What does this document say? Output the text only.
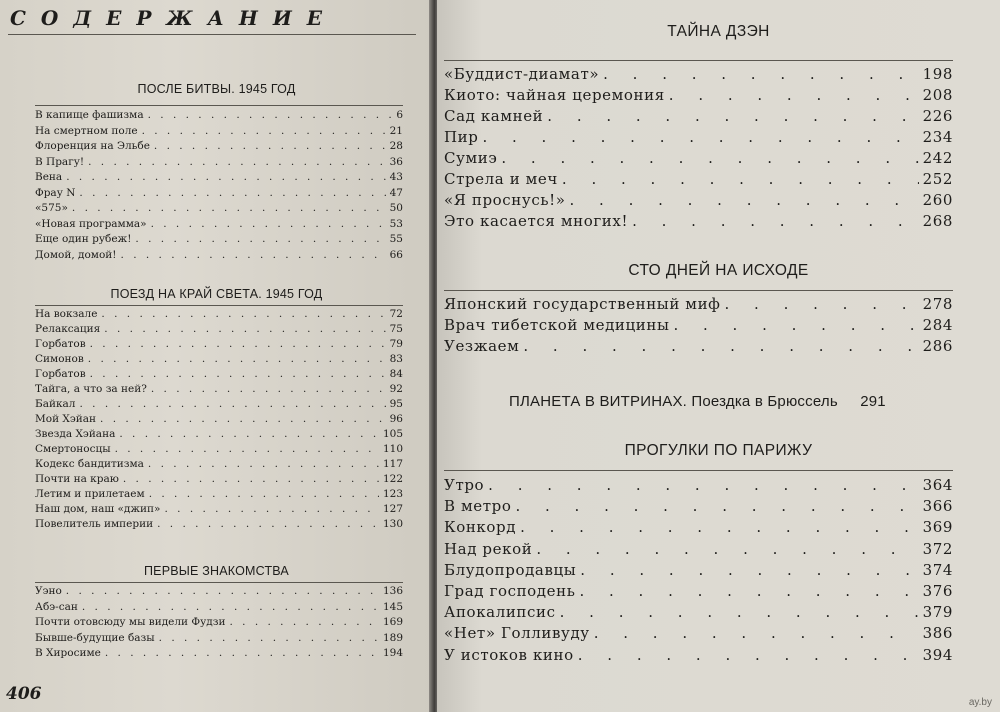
СОДЕРЖАНИЕ
ПОСЛЕ БИТВЫ. 1945 ГОД
В капище фашизма . . .	6
На смертном поле . . .	21
Флоренция на Эльбе . . .	28
В Прагу! . . .	36
Вена . . .	43
Фрау N . . .	47
«575» . . .	50
«Новая программа» . . .	53
Еще один рубеж! . . .	55
Домой, домой! . . .	66
ПОЕЗД НА КРАЙ СВЕТА. 1945 ГОД
На вокзале . . .	72
Релаксация . . .	75
Горбатов . . .	79
Симонов . . .	83
Горбатов . . .	84
Тайга, а что за ней? . . .	92
Байкал . . .	95
Мой Хэйан . . .	96
Звезда Хэйана . . .	105
Смертоносцы . . .	110
Кодекс бандитизма . . .	117
Почти на краю . . .	122
Летим и прилетаем . . .	123
Наш дом, наш «джип» . . .	127
Повелитель империи . . .	130
ПЕРВЫЕ ЗНАКОМСТВА
Уэно . . .	136
Абэ-сан . . .	145
Почти отовсюду мы видели Фудзи . . .	169
Бывше-будущие базы . . .	189
В Хиросиме . . .	194
406
ТАЙНА ДЗЭН
«Буддист-диамат» . . .	198
Киото: чайная церемония . . .	208
Сад камней . . .	226
Пир . . .	234
Сумиэ . . .	242
Стрела и меч . . .	252
«Я проснусь!» . . .	260
Это касается многих! . . .	268
СТО ДНЕЙ НА ИСХОДЕ
Японский государственный миф . . .	278
Врач тибетской медицины . . .	284
Уезжаем . . .	286
ПЛАНЕТА В ВИТРИНАХ. Поездка в Брюссель 291
ПРОГУЛКИ ПО ПАРИЖУ
Утро . . .	364
В метро . . .	366
Конкорд . . .	369
Над рекой . . .	372
Блудопродавцы . . .	374
Град господень . . .	376
Апокалипсис . . .	379
«Нет» Голливуду . . .	386
У истоков кино . . .	394
ay.by
